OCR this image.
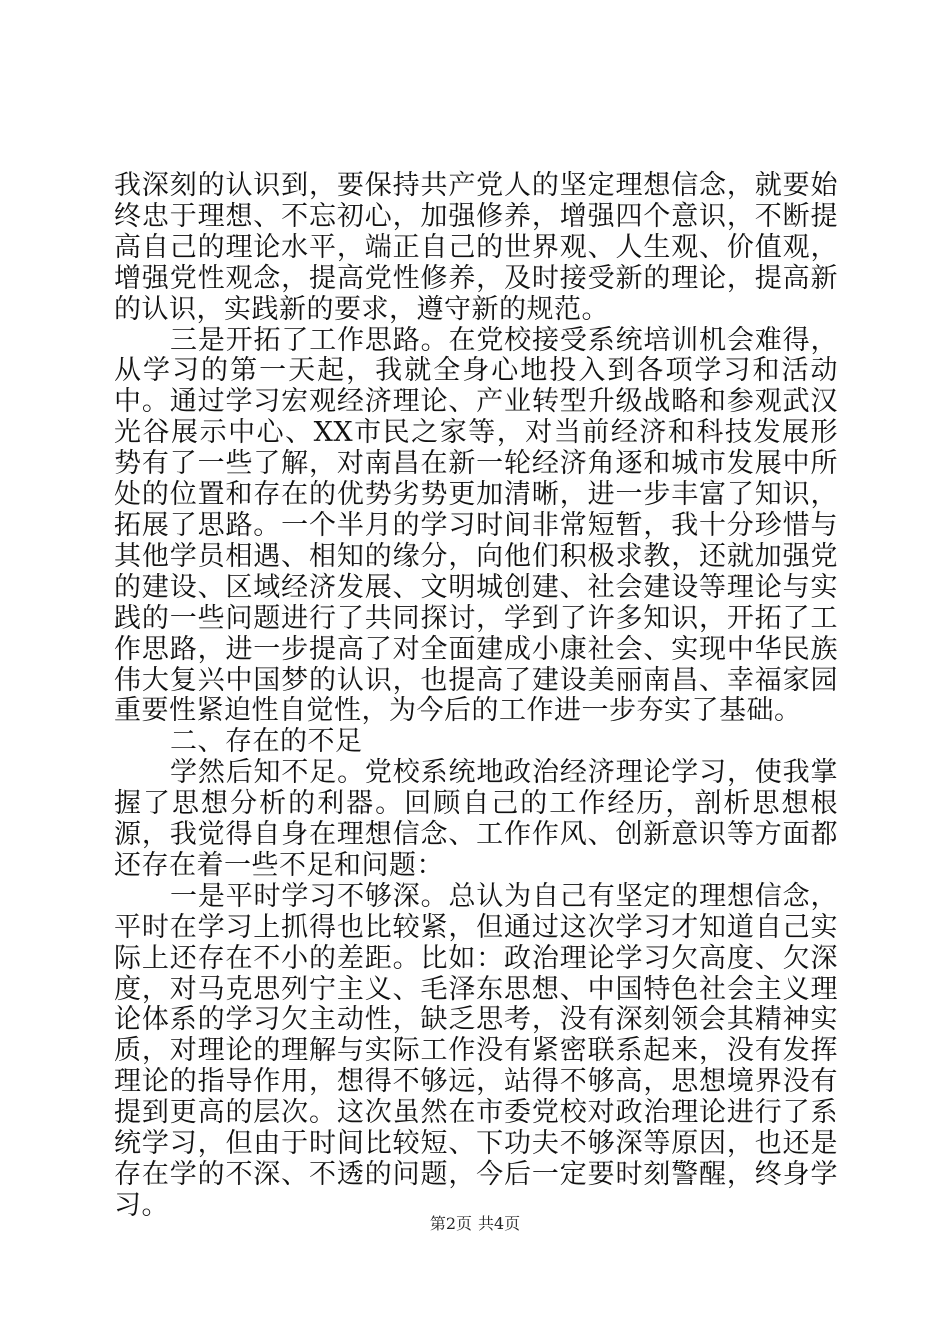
我深刻的认识到，要保持共产党人的坚定理想信念，就要始终忠于理想、不忘初心，加强修养，增强四个意识，不断提高自己的理论水平，端正自己的世界观、人生观、价值观，增强党性观念，提高党性修养，及时接受新的理论，提高新的认识，实践新的要求，遵守新的规范。

三是开拓了工作思路。在党校接受系统培训机会难得，从学习的第一天起，我就全身心地投入到各项学习和活动中。通过学习宏观经济理论、产业转型升级战略和参观武汉光谷展示中心、XX市民之家等，对当前经济和科技发展形势有了一些了解，对南昌在新一轮经济角逐和城市发展中所处的位置和存在的优势劣势更加清晰，进一步丰富了知识，拓展了思路。一个半月的学习时间非常短暂，我十分珍惜与其他学员相遇、相知的缘分，向他们积极求教，还就加强党的建设、区域经济发展、文明城创建、社会建设等理论与实践的一些问题进行了共同探讨，学到了许多知识，开拓了工作思路，进一步提高了对全面建成小康社会、实现中华民族伟大复兴中国梦的认识，也提高了建设美丽南昌、幸福家园重要性紧迫性自觉性，为今后的工作进一步夯实了基础。

二、存在的不足

学然后知不足。党校系统地政治经济理论学习，使我掌握了思想分析的利器。回顾自己的工作经历，剖析思想根源，我觉得自身在理想信念、工作作风、创新意识等方面都还存在着一些不足和问题：

一是平时学习不够深。总认为自己有坚定的理想信念，平时在学习上抓得也比较紧，但通过这次学习才知道自己实际上还存在不小的差距。比如：政治理论学习欠高度、欠深度，对马克思列宁主义、毛泽东思想、中国特色社会主义理论体系的学习欠主动性，缺乏思考，没有深刻领会其精神实质，对理论的理解与实际工作没有紧密联系起来，没有发挥理论的指导作用，想得不够远，站得不够高，思想境界没有提到更高的层次。这次虽然在市委党校对政治理论进行了系统学习，但由于时间比较短、下功夫不够深等原因，也还是存在学的不深、不透的问题，今后一定要时刻警醒，终身学习。

第2页 共4页
